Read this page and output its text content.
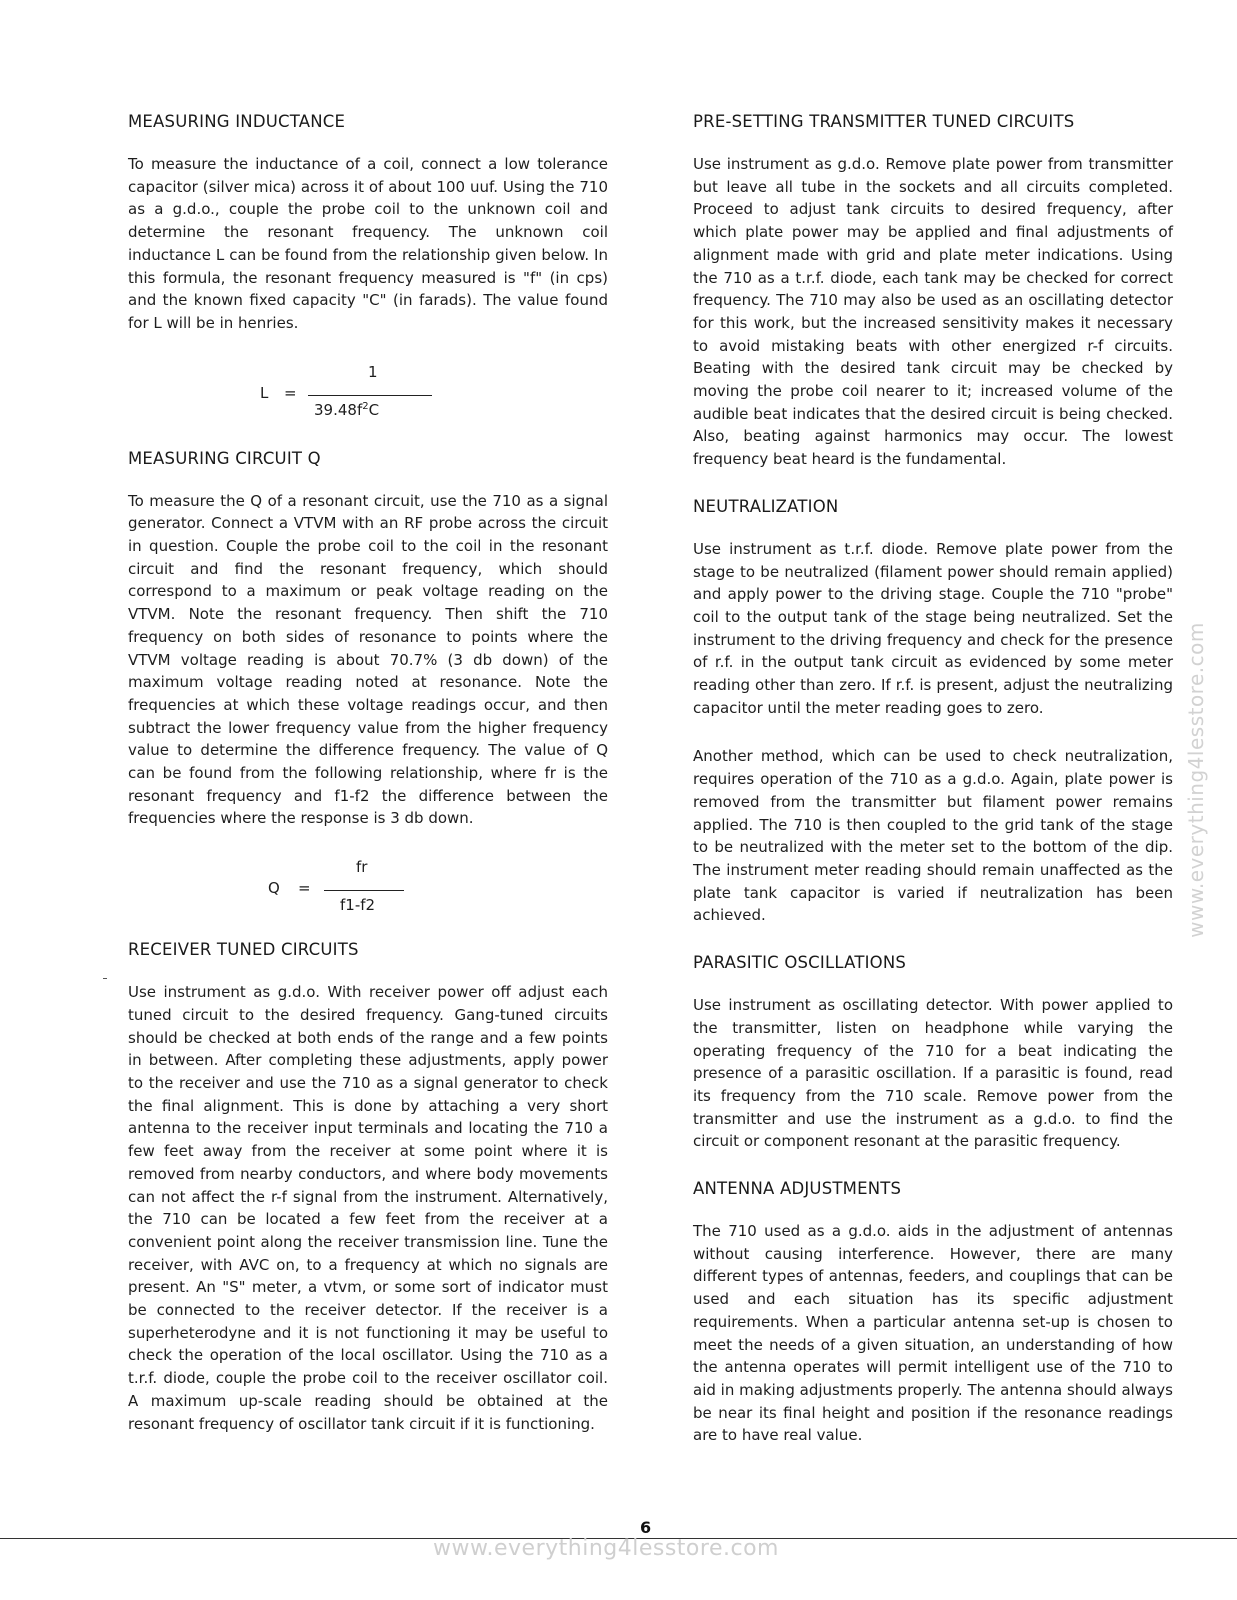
MEASURING INDUCTANCE

To measure the inductance of a coil, connect a low tolerance capacitor (silver mica) across it of about 100 uuf. Using the 710 as a g.d.o., couple the probe coil to the unknown coil and determine the resonant frequency. The unknown coil inductance L can be found from the relationship given below. In this formula, the resonant frequency measured is "f" (in cps) and the known fixed capacity "C" (in farads). The value found for L will be in henries.

L =
1
$39.48f^2C$
MEASURING CIRCUIT Q

To measure the Q of a resonant circuit, use the 710 as a signal generator. Connect a VTVM with an RF probe across the circuit in question. Couple the probe coil to the coil in the resonant circuit and find the resonant frequency, which should correspond to a maximum or peak voltage reading on the VTVM. Note the resonant frequency. Then shift the 710 frequency on both sides of resonance to points where the VTVM voltage reading is about 70.7% (3 db down) of the maximum voltage reading noted at resonance. Note the frequencies at which these voltage readings occur, and then subtract the lower frequency value from the higher frequency value to determine the difference frequency. The value of Q can be found from the following relationship, where fr is the resonant frequency and f1-f2 the difference between the frequencies where the response is 3 db down.

Q =
fr
f1-f2
RECEIVER TUNED CIRCUITS

Use instrument as g.d.o. With receiver power off adjust each tuned circuit to the desired frequency. Gang-tuned circuits should be checked at both ends of the range and a few points in between. After completing these adjustments, apply power to the receiver and use the 710 as a signal generator to check the final alignment. This is done by attaching a very short antenna to the receiver input terminals and locating the 710 a few feet away from the receiver at some point where it is removed from nearby conductors, and where body movements can not affect the r-f signal from the instrument. Alternatively, the 710 can be located a few feet from the receiver at a convenient point along the receiver transmission line. Tune the receiver, with AVC on, to a frequency at which no signals are present. An "S" meter, a vtvm, or some sort of indicator must be connected to the receiver detector. If the receiver is a superheterodyne and it is not functioning it may be useful to check the operation of the local oscillator. Using the 710 as a t.r.f. diode, couple the probe coil to the receiver oscillator coil. A maximum up-scale reading should be obtained at the resonant frequency of oscillator tank circuit if it is functioning.

PRE-SETTING TRANSMITTER TUNED CIRCUITS

Use instrument as g.d.o. Remove plate power from transmitter but leave all tube in the sockets and all circuits completed. Proceed to adjust tank circuits to desired frequency, after which plate power may be applied and final adjustments of alignment made with grid and plate meter indications. Using the 710 as a t.r.f. diode, each tank may be checked for correct frequency. The 710 may also be used as an oscillating detector for this work, but the increased sensitivity makes it necessary to avoid mistaking beats with other energized r-f circuits. Beating with the desired tank circuit may be checked by moving the probe coil nearer to it; increased volume of the audible beat indicates that the desired circuit is being checked. Also, beating against harmonics may occur. The lowest frequency beat heard is the fundamental.

NEUTRALIZATION

Use instrument as t.r.f. diode. Remove plate power from the stage to be neutralized (filament power should remain applied) and apply power to the driving stage. Couple the 710 "probe" coil to the output tank of the stage being neutralized. Set the instrument to the driving frequency and check for the presence of r.f. in the output tank circuit as evidenced by some meter reading other than zero. If r.f. is present, adjust the neutralizing capacitor until the meter reading goes to zero.

Another method, which can be used to check neutralization, requires operation of the 710 as a g.d.o. Again, plate power is removed from the transmitter but filament power remains applied. The 710 is then coupled to the grid tank of the stage to be neutralized with the meter set to the bottom of the dip. The instrument meter reading should remain unaffected as the plate tank capacitor is varied if neutralization has been achieved.

PARASITIC OSCILLATIONS

Use instrument as oscillating detector. With power applied to the transmitter, listen on headphone while varying the operating frequency of the 710 for a beat indicating the presence of a parasitic oscillation. If a parasitic is found, read its frequency from the 710 scale. Remove power from the transmitter and use the instrument as a g.d.o. to find the circuit or component resonant at the parasitic frequency.

ANTENNA ADJUSTMENTS

The 710 used as a g.d.o. aids in the adjustment of antennas without causing interference. However, there are many different types of antennas, feeders, and couplings that can be used and each situation has its specific adjustment requirements. When a particular antenna set-up is chosen to meet the needs of a given situation, an understanding of how the antenna operates will permit intelligent use of the 710 to aid in making adjustments properly. The antenna should always be near its final height and position if the resonance readings are to have real value.

www.everything4lesstore.com
6
www.everything4lesstore.com
